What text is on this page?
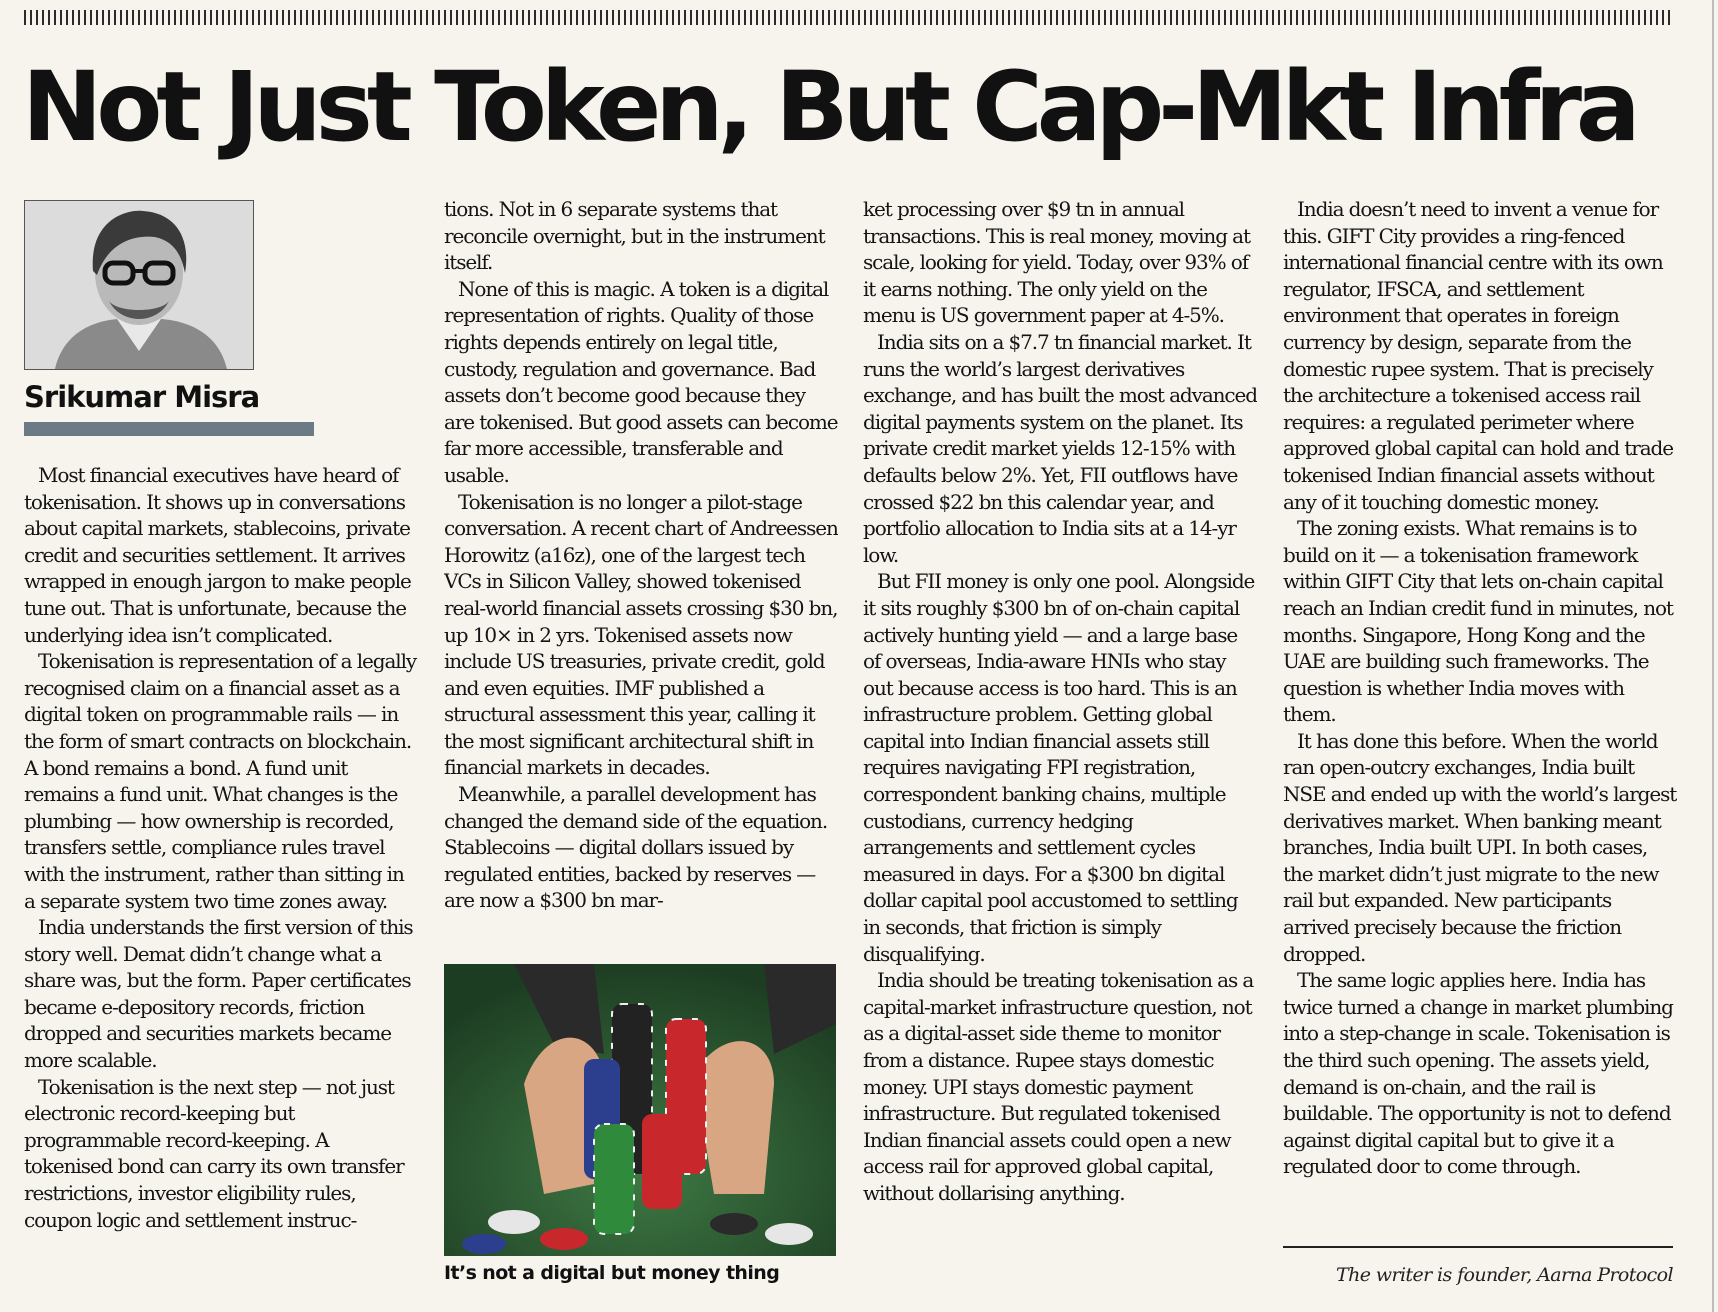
Not Just Token, But Cap-Mkt Infra

Srikumar Misra

Most financial executives have heard of tokenisation. It shows up in conversations about capital markets, stablecoins, private credit and securities settlement. It arrives wrapped in enough jargon to make people tune out. That is unfortunate, because the underlying idea isn’t complicated.

Tokenisation is representation of a legally recognised claim on a financial asset as a digital token on programmable rails — in the form of smart contracts on blockchain. A bond remains a bond. A fund unit remains a fund unit. What changes is the plumbing — how ownership is recorded, transfers settle, compliance rules travel with the instrument, rather than sitting in a separate system two time zones away.

India understands the first version of this story well. Demat didn’t change what a share was, but the form. Paper certificates became e-depository records, friction dropped and securities markets became more scalable.

Tokenisation is the next step — not just electronic record-keeping but programmable record-keeping. A tokenised bond can carry its own transfer restrictions, investor eligibility rules, coupon logic and settlement instruc-

tions. Not in 6 separate systems that reconcile overnight, but in the instrument itself.

None of this is magic. A token is a digital representation of rights. Quality of those rights depends entirely on legal title, custody, regulation and governance. Bad assets don’t become good because they are tokenised. But good assets can become far more accessible, transferable and usable.

Tokenisation is no longer a pilot-stage conversation. A recent chart of Andreessen Horowitz (a16z), one of the largest tech VCs in Silicon Valley, showed tokenised real-world financial assets crossing $30 bn, up 10× in 2 yrs. Tokenised assets now include US treasuries, private credit, gold and even equities. IMF published a structural assessment this year, calling it the most significant architectural shift in financial markets in decades.

Meanwhile, a parallel development has changed the demand side of the equation. Stablecoins — digital dollars issued by regulated entities, backed by reserves — are now a $300 bn mar-

It’s not a digital but money thing

ket processing over $9 tn in annual transactions. This is real money, moving at scale, looking for yield. Today, over 93% of it earns nothing. The only yield on the menu is US government paper at 4-5%.

India sits on a $7.7 tn financial market. It runs the world’s largest derivatives exchange, and has built the most advanced digital payments system on the planet. Its private credit market yields 12-15% with defaults below 2%. Yet, FII outflows have crossed $22 bn this calendar year, and portfolio allocation to India sits at a 14-yr low.

But FII money is only one pool. Alongside it sits roughly $300 bn of on-chain capital actively hunting yield — and a large base of overseas, India-aware HNIs who stay out because access is too hard. This is an infrastructure problem. Getting global capital into Indian financial assets still requires navigating FPI registration, correspondent banking chains, multiple custodians, currency hedging arrangements and settlement cycles measured in days. For a $300 bn digital dollar capital pool accustomed to settling in seconds, that friction is simply disqualifying.

India should be treating tokenisation as a capital-market infrastructure question, not as a digital-asset side theme to monitor from a distance. Rupee stays domestic money. UPI stays domestic payment infrastructure. But regulated tokenised Indian financial assets could open a new access rail for approved global capital, without dollarising anything.

India doesn’t need to invent a venue for this. GIFT City provides a ring-fenced international financial centre with its own regulator, IFSCA, and settlement environment that operates in foreign currency by design, separate from the domestic rupee system. That is precisely the architecture a tokenised access rail requires: a regulated perimeter where approved global capital can hold and trade tokenised Indian financial assets without any of it touching domestic money.

The zoning exists. What remains is to build on it — a tokenisation framework within GIFT City that lets on-chain capital reach an Indian credit fund in minutes, not months. Singapore, Hong Kong and the UAE are building such frameworks. The question is whether India moves with them.

It has done this before. When the world ran open-outcry exchanges, India built NSE and ended up with the world’s largest derivatives market. When banking meant branches, India built UPI. In both cases, the market didn’t just migrate to the new rail but expanded. New participants arrived precisely because the friction dropped.

The same logic applies here. India has twice turned a change in market plumbing into a step-change in scale. Tokenisation is the third such opening. The assets yield, demand is on-chain, and the rail is buildable. The opportunity is not to defend against digital capital but to give it a regulated door to come through.

The writer is founder, Aarna Protocol
